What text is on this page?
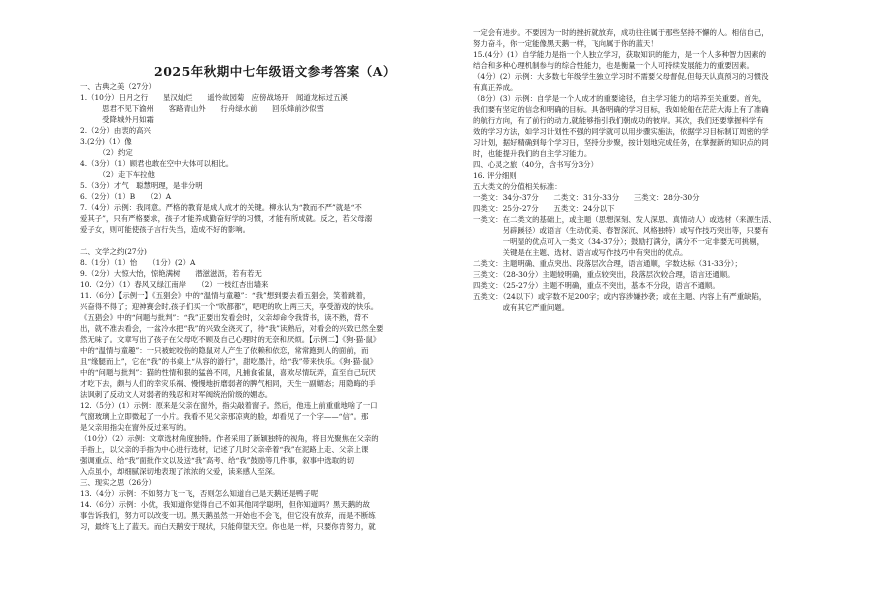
2025年秋期中七年级语文参考答案（A）
一、古典之美（27分）
1.（10分）日月之行　　星汉灿烂　　遥怜故园菊　应傍战场开　闻道龙标过五溪
　　　思君不见下渝州　　客路青山外　　行舟绿水前　　回乐烽前沙似雪
　　　受降城外月如霜
2.（2分）由衷的高兴
3.(2分)（1）像
　　　（2）约定
4.（3分）（1）顾君也敢在空中大体可以相比。
　　　（2）走下车拉他
5.（3分）才气　聪慧明理，是非分明
6.（2分）（1）B　　（2）A
7.（4分）示例：我同意。严格的教育是成人成才的关键。柳永认为“教而不严”就是“不
爱其子”，只有严格要求，孩子才能养成勤奋好学的习惯，才能有所成就。反之，若父母溺
爱子女，则可能使孩子言行失当，造成不好的影响。
二、文学之约(27分)
8.（1分）（1）怡　　（1分）(2）A
9.（2分）大惊大怡，惊艳满树　　潜滋滋沥，若有若无
10.（2分）（1）春风又绿江南岸　　（2）一枝红杏出墙来
11.（6分）【示例一】《五猖会》中的“温情与童趣”：“我”想到要去看五猖会，笑着跳着，
兴奋得不得了；迎神赛会时,孩子们买一个“吹都都”，吧吧的吹上两三天，享受游戏的快乐。
《五猖会》中的“问题与批判”：“我”正要出发看会时，父亲却命令我背书，读不熟，背不
出，就不准去看会，一盆冷水把“我”的兴致全浇灭了，待“我”读熟后，对看会的兴致已然全要
然无味了。文章写出了孩子在父母吃不顾及自己心理时的无奈和厌烦。【示例二】《狗·猫·鼠》
中的“温情与童趣”：一只被蛇咬伤的隐鼠对人产生了依赖和依恋，常常跑到人的面前，而
且“缘腿而上”，它在“我”的书桌上“从容的游行”，甜吃墨汁，给“我”带来快乐。《狗·猫·鼠》
中的“问题与批判”：猫的性情和狠的猛兽不同，凡捕食雀鼠，喜欢尽情玩弄，直至自己玩厌
才吃下去，颇与人们的幸灾乐祸、慢慢地折磨弱者的脾气相同，天生一副媚态；用隐晦的手
法讽刺了反动文人对弱者的残忍和对军阀统治阶级的媚态。
12.（5分）(1）示例：原来是父亲在窗外，指尖敲着窗子。然后，他违上前重重地啥了一口
气窗玻璃上立即微起了一小片。我看不见父亲那凉爽的脸，却看见了一个字——“信”。那
是父亲用指尖在窗外反过来写的。
（10分）（2）示例：文章选材角度独特。作者采用了新颖独特的视角，将目光聚焦在父亲的
手指上，以父亲的手指为中心进行选材，记述了几时父亲牵着“我”在泥路上走、父亲上课
强调重点、给“我”面批作文以及送“我”高考、给“我”鼓励等几件事，叙事中选取的切
入点虽小，却细腻深切地表现了浓浓的父爱，读来感人至深。
三、现实之思（26分）
13.（4分）示例：不如努力飞一飞，否则怎么知道自己是天鹅还是鸭子呢
14.（6分）示例：小优，我知道你觉得自己不如其他同学聪明，但你知道吗？黑天鹅的故
事告诉我们，努力可以改变一切。黑天鹅虽然一开始也不会飞，但它没有放弃，而是不断练
习，最终飞上了蓝天。而白天鹅安于现状，只能仰望天空。你也是一样，只要你肯努力，就
一定会有进步。不要因为一时的挫折就放弃，成功往往属于那些坚持不懈的人。相信自己，
努力奋斗，你一定能像黑天鹅一样，飞向属于你的蓝天！
15.(4分）(1）自学能力是指一个人独立学习，获取知识的能力，是一个人多种智力因素的
结合和多种心理机制参与的综合性能力，也是衡量一个人可持续发展能力的重要因素。
（4分）(2）示例：大多数七年级学生独立学习时不需要父母督促,但每天认真预习的习惯没
有真正养成。
（8分）(3）示例：自学是一个人成才的重要途径，自主学习能力的培养至关重要。首先，
我们要有坚定的信念和明确的目标。具备明确的学习目标，我如轮船在茫茫大海上有了准确
的航行方向，有了前行的动力,就能够指引我们朝成功的彼岸。其次，我们还要掌握科学有
效的学习方法，如学习计划性不强的同学就可以用步骤实施法，依据学习目标制订周密的学
习计划，据好精确到每个学习日，坚持分步聚，按计划地完成任务，在掌握新的知识点的同
时，也能提升我们的自主学习能力。
四、心灵之旅（40分，含书写分3分）
16. 评分细则
五大类文的分值相关标准：
一类文：34分-37分　　二类文：31分-33分　　三类文：28分-30分
四类文：25分-27分　　五类文：24分以下
一类文：在二类文的基础上，或主题（思想深刻、发人深思、真情动人）或选材（来源生活、
　　　　另辟蹊径）或语言（生动优美、春智深沉、风格独特）或写作技巧突出等，只要有
　　　　一明显的优点可入一类文（34-37分）；鼓励打满分，满分不一定非要无可挑剔，
　　　　关键是在主题、选材、语言或写作技巧中有突出的优点。
二类文：主题明确、重点突出、段落层次合理，语言通顺，字数达标（31-33分）；
三类文：（28-30分）主题较明确，重点较突出，段落层次较合理，语言还通顺。
四类文：（25-27分）主题不明确，重点不突出，基本不分段，语言不通顺。
五类文：（24以下）或字数不足200字；或内容涉嫌抄袭；或在主题、内容上有严重缺陷，
　　　　或有其它严重问题。
